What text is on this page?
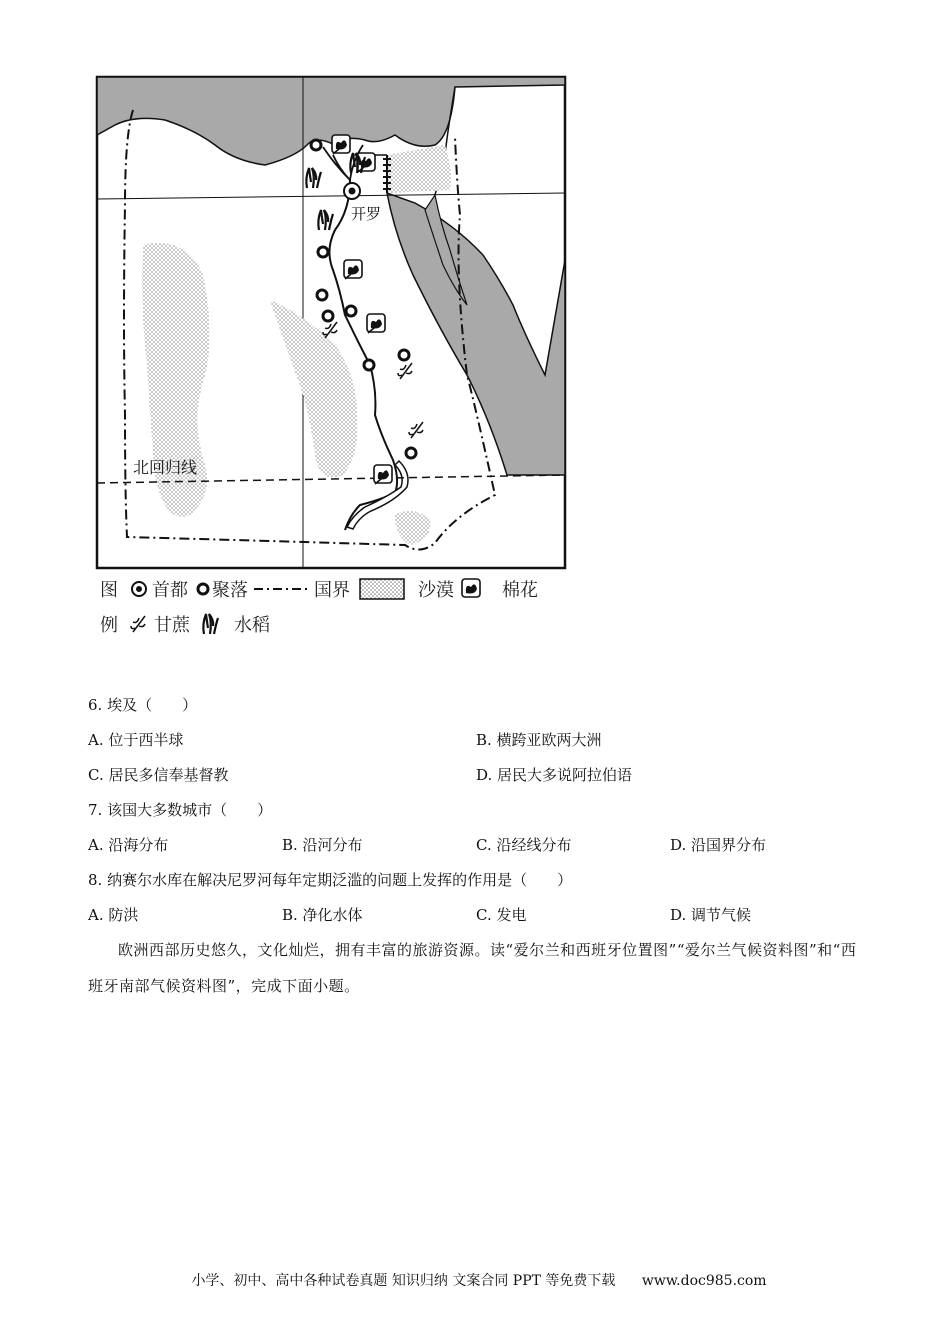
北回归线
开罗
图 首都 聚落	国界	沙漠	棉花
例 甘蔗 水稻
6. 埃及（　　）
A. 位于西半球	B. 横跨亚欧两大洲
C. 居民多信奉基督教	D. 居民大多说阿拉伯语
7. 该国大多数城市（　　）
A. 沿海分布	B. 沿河分布	C. 沿经线分布	D. 沿国界分布
8. 纳赛尔水库在解决尼罗河每年定期泛滥的问题上发挥的作用是（　　）
A. 防洪	B. 净化水体	C. 发电	D. 调节气候
欧洲西部历史悠久，文化灿烂，拥有丰富的旅游资源。读“爱尔兰和西班牙位置图”“爱尔兰气候资料图”和“西班牙南部气候资料图”，完成下面小题。
小学、初中、高中各种试卷真题 知识归纳 文案合同 PPT 等免费下载 www.doc985.com
